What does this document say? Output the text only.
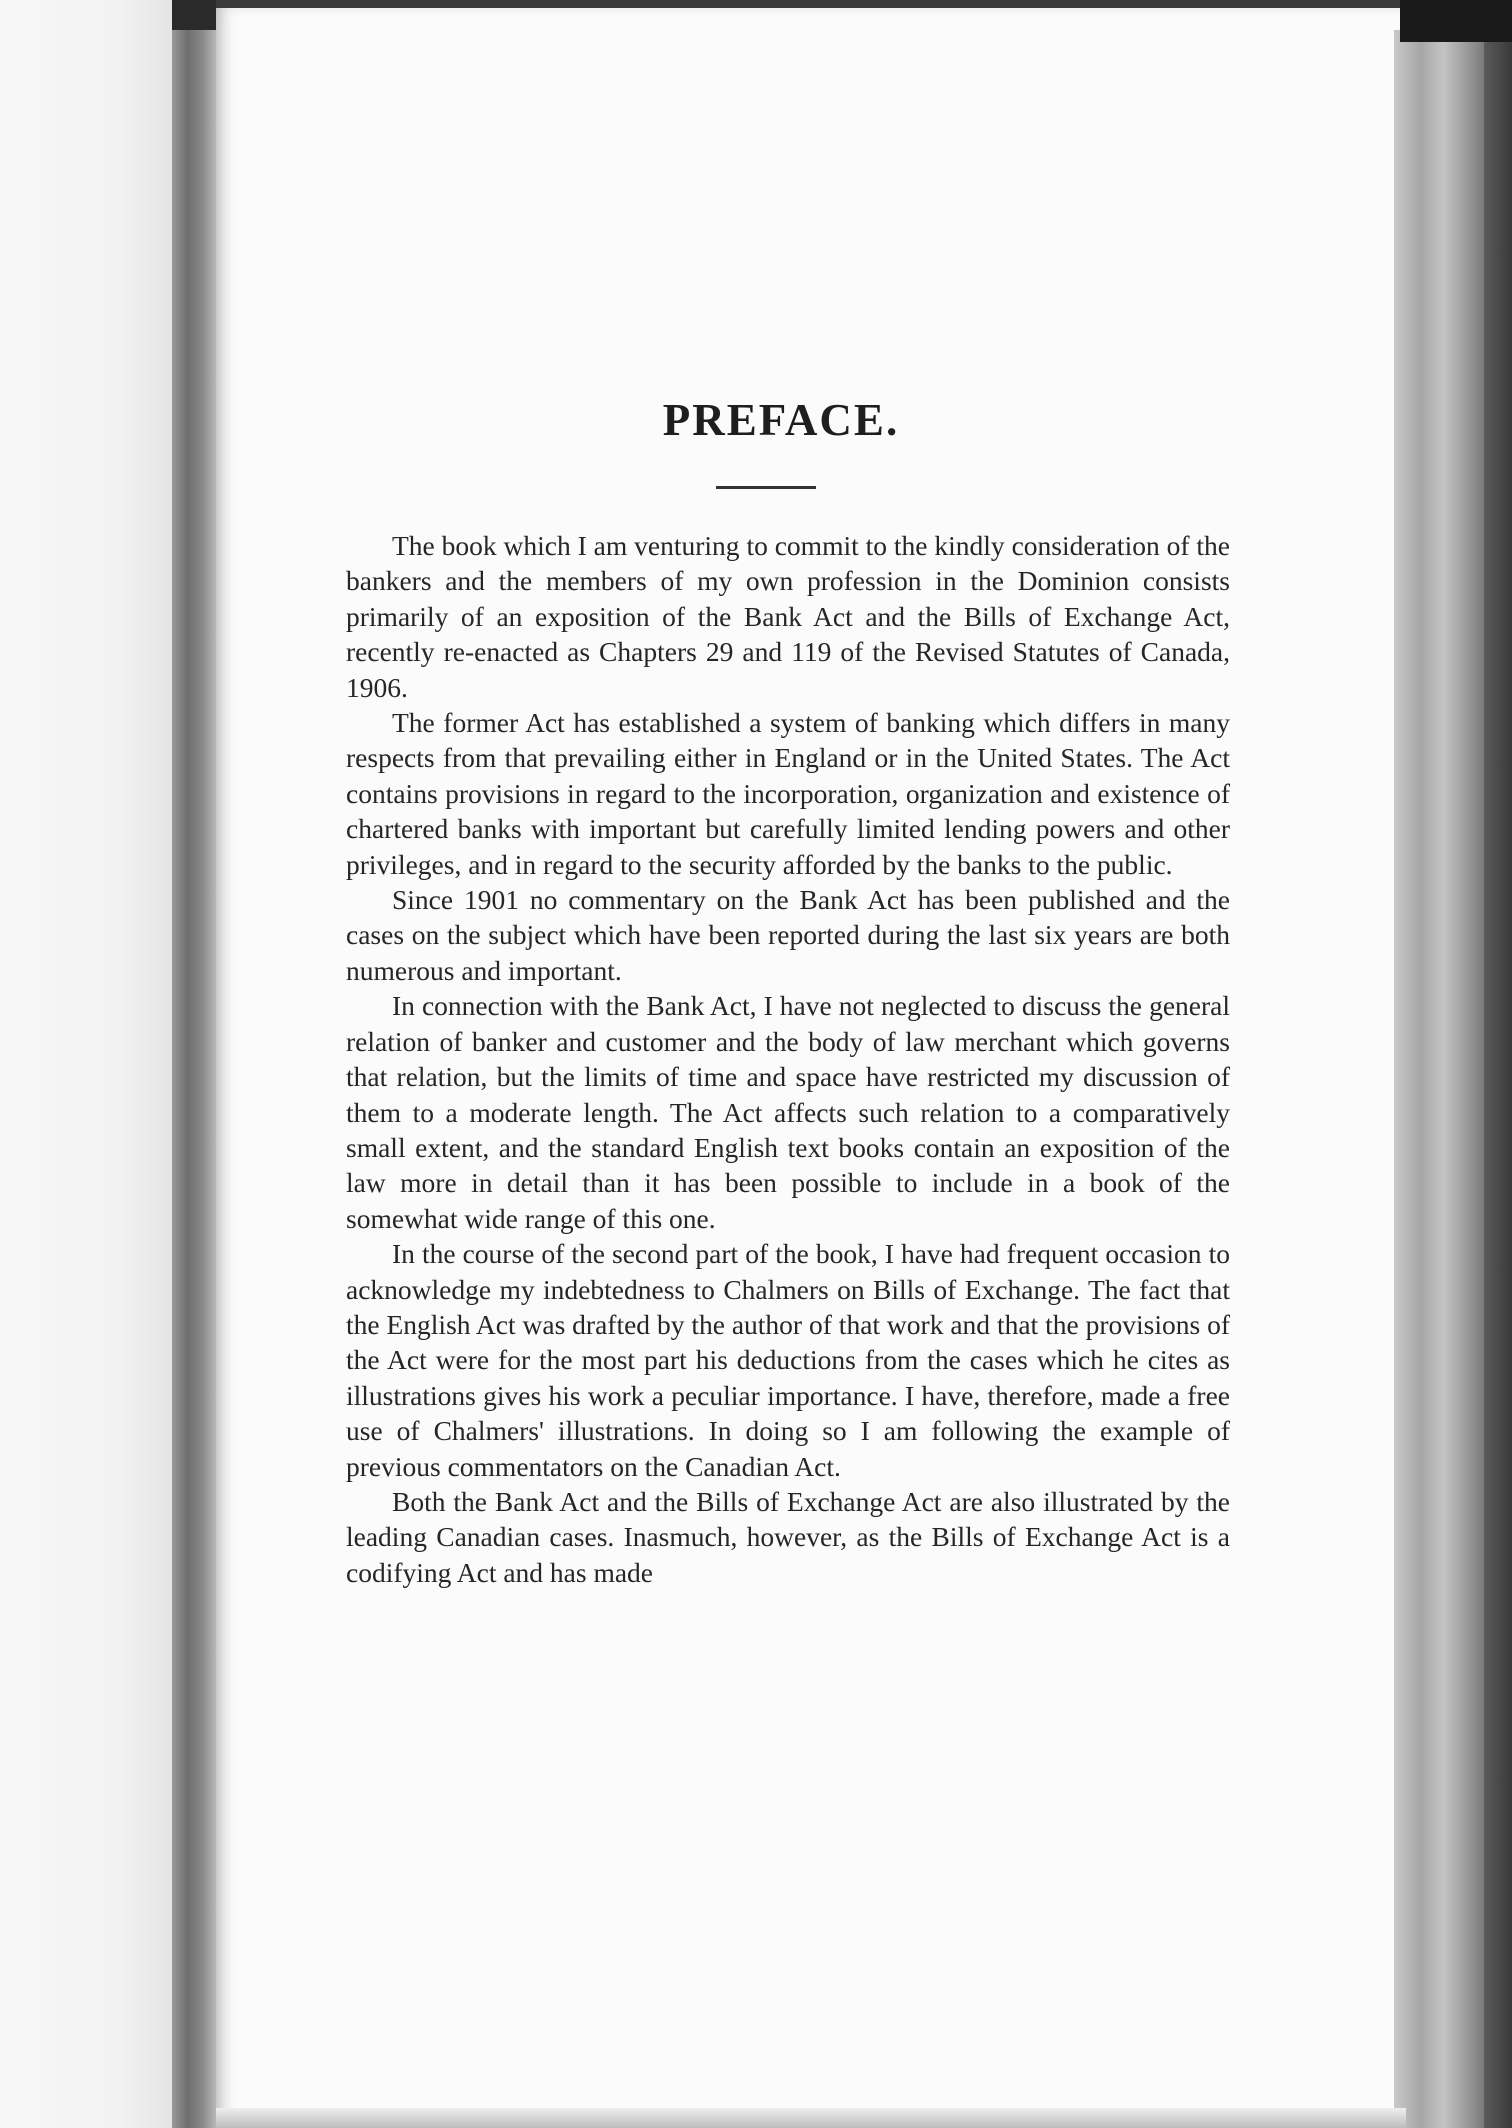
PREFACE.

The book which I am venturing to commit to the kindly consideration of the bankers and the members of my own profession in the Dominion consists primarily of an exposition of the Bank Act and the Bills of Exchange Act, recently re-enacted as Chapters 29 and 119 of the Revised Statutes of Canada, 1906.

The former Act has established a system of banking which differs in many respects from that prevailing either in England or in the United States. The Act contains provisions in regard to the incorporation, organization and existence of chartered banks with important but carefully limited lending powers and other privileges, and in regard to the security afforded by the banks to the public.

Since 1901 no commentary on the Bank Act has been published and the cases on the subject which have been reported during the last six years are both numerous and important.

In connection with the Bank Act, I have not neglected to discuss the general relation of banker and customer and the body of law merchant which governs that relation, but the limits of time and space have restricted my discussion of them to a moderate length. The Act affects such relation to a comparatively small extent, and the standard English text books contain an exposition of the law more in detail than it has been possible to include in a book of the somewhat wide range of this one.

In the course of the second part of the book, I have had frequent occasion to acknowledge my indebtedness to Chalmers on Bills of Exchange. The fact that the English Act was drafted by the author of that work and that the provisions of the Act were for the most part his deductions from the cases which he cites as illustrations gives his work a peculiar importance. I have, therefore, made a free use of Chalmers' illustrations. In doing so I am following the example of previous commentators on the Canadian Act.

Both the Bank Act and the Bills of Exchange Act are also illustrated by the leading Canadian cases. Inasmuch, however, as the Bills of Exchange Act is a codifying Act and has made
